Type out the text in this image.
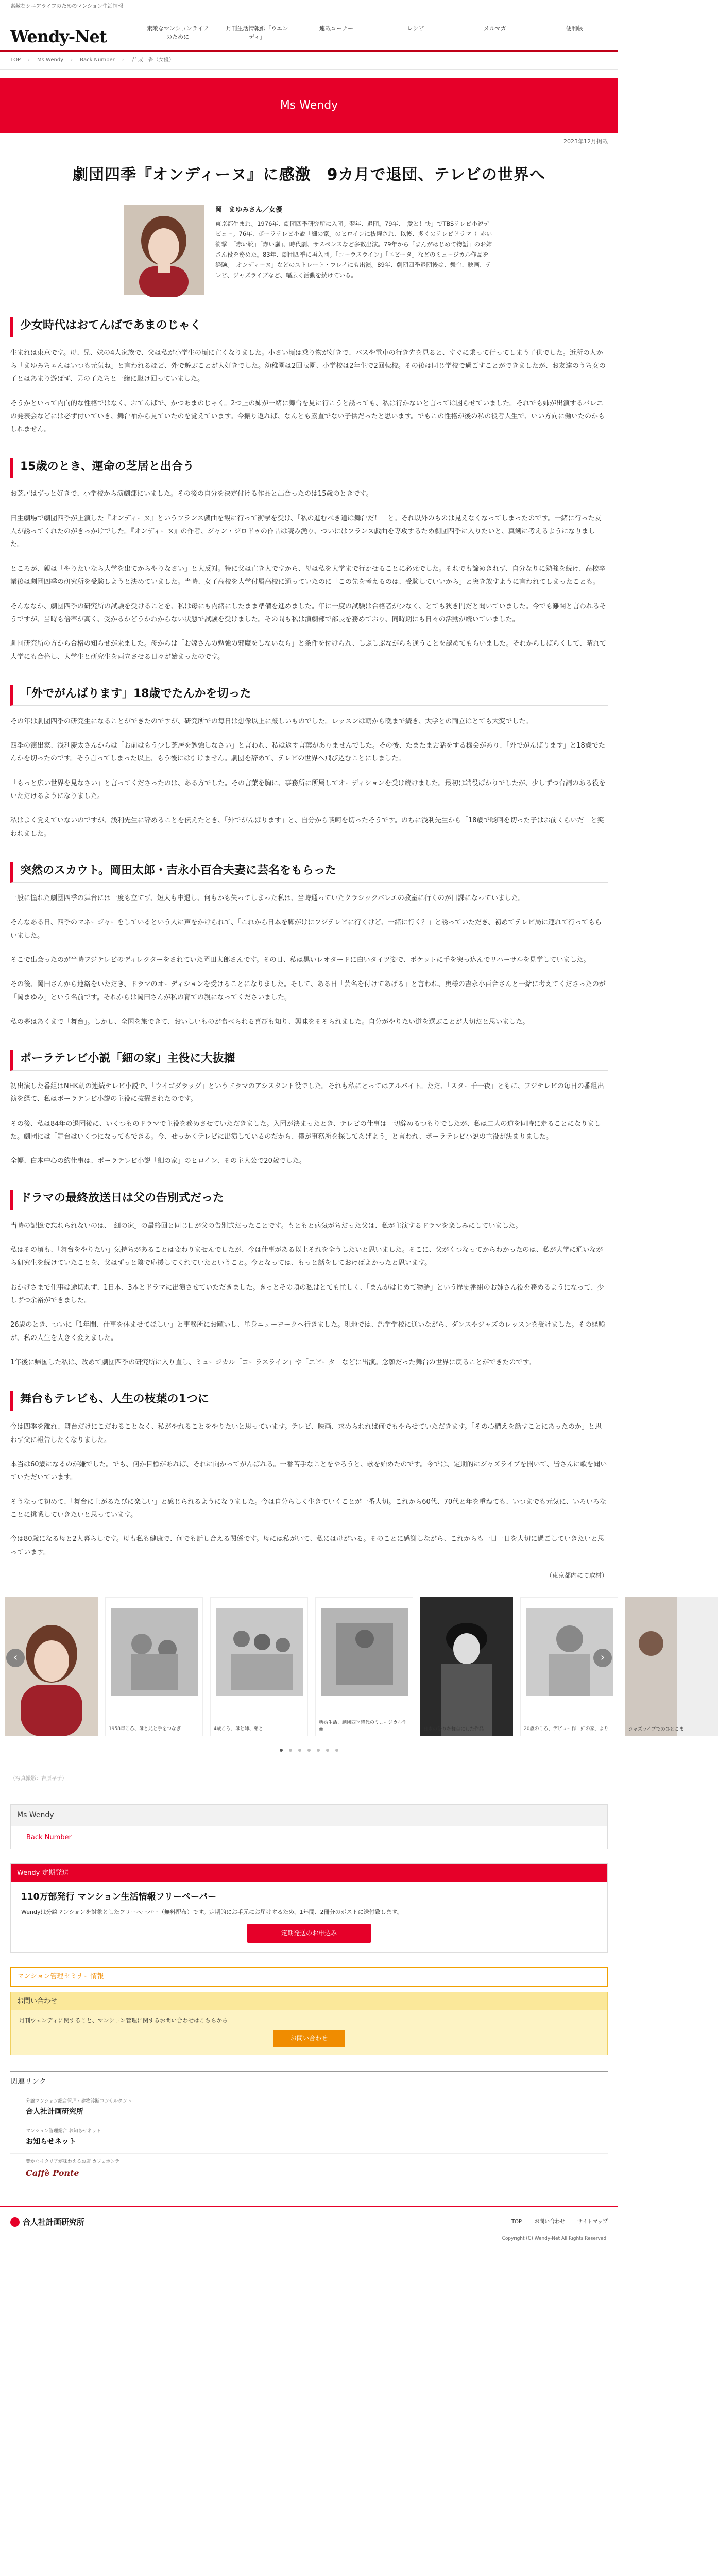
素敵なシニアライフのためのマンション生活情報
Wendy-Net	素敵なマンションライフのために
月刊生活情報紙「ウエンディ」
連載コーナー	レシピ	メルマガ	便利帳
TOP › Ms Wendy › Back Number › 吉 成　香（女優）
Ms Wendy
2023年12月掲載
劇団四季『オンディーヌ』に感激　9カ月で退団、テレビの世界へ
岡　まゆみさん／女優
東京都生まれ。1976年、劇団四季研究所に入団。翌年、退団。79年、「愛と！快」でTBSテレビ小説デビュー。76年、ポーラテレビ小説「細の家」のヒロインに抜擢され、以後、多くのテレビドラマ（「赤い衝撃」「赤い靴」「赤い嵐」、時代劇、サスペンスなど多数出演。79年から「まんがはじめて物語」のお姉さん役を務めた。83年、劇団四季に再入団。「コーラスライン」「エビータ」などのミュージカル作品を経験。「オンディーヌ」などのストレート・プレイにも出演。89年、劇団四季退団後は、舞台、映画、テレビ、ジャズライブなど、幅広く活動を続けている。
少女時代はおてんばであまのじゃく

生まれは東京です。母、兄、妹の4人家族で、父は私が小学生の頃に亡くなりました。小さい頃は乗り物が好きで、バスや電車の行き先を見ると、すぐに乗って行ってしまう子供でした。近所の人から「まゆみちゃんはいつも元気ね」と言われるほど、外で遊ぶことが大好きでした。幼稚園は2回転園、小学校は2年生で2回転校。その後は同じ学校で過ごすことができましたが、お友達のうち女の子とはあまり遊ばず、男の子たちと一緒に駆け回っていました。

そうかといって内向的な性格ではなく、おてんばで、かつあまのじゃく。2つ上の姉が一緒に舞台を見に行こうと誘っても、私は行かないと言っては困らせていました。それでも姉が出演するバレエの発表会などには必ず付いていき、舞台袖から見ていたのを覚えています。今振り返れば、なんとも素直でない子供だったと思います。でもこの性格が後の私の役者人生で、いい方向に働いたのかもしれません。

15歳のとき、運命の芝居と出合う

お芝居はずっと好きで、小学校から演劇部にいました。その後の自分を決定付ける作品と出合ったのは15歳のときです。

日生劇場で劇団四季が上演した『オンディーヌ』というフランス戯曲を観に行って衝撃を受け、「私の進むべき道は舞台だ！」と。それ以外のものは見えなくなってしまったのです。一緒に行った友人が誘ってくれたのがきっかけでした。『オンディーヌ』の作者、ジャン・ジロドゥの作品は読み漁り、ついにはフランス戯曲を専攻するため劇団四季に入りたいと、真剣に考えるようになりました。

ところが、親は「やりたいなら大学を出てからやりなさい」と大反対。特に父は亡き人ですから、母は私を大学まで行かせることに必死でした。それでも諦めきれず、自分なりに勉強を続け、高校卒業後は劇団四季の研究所を受験しようと決めていました。当時、女子高校を大学付属高校に通っていたのに「この先を考えるのは、受験していいから」と突き放すように言われてしまったことも。

そんななか、劇団四季の研究所の試験を受けることを、私は母にも内緒にしたまま準備を進めました。年に一度の試験は合格者が少なく、とても狭き門だと聞いていました。今でも難関と言われるそうですが、当時も倍率が高く、受かるかどうかわからない状態で試験を受けました。その間も私は演劇部で部長を務めており、同時期にも日々の活動が続いていました。

劇団研究所の方から合格の知らせが来ました。母からは「お嫁さんの勉強の邪魔をしないなら」と条件を付けられ、しぶしぶながらも通うことを認めてもらいました。それからしばらくして、晴れて大学にも合格し、大学生と研究生を両立させる日々が始まったのです。

「外でがんばります」18歳でたんかを切った

その年は劇団四季の研究生になることができたのですが、研究所での毎日は想像以上に厳しいものでした。レッスンは朝から晩まで続き、大学との両立はとても大変でした。

四季の演出家、浅利慶太さんからは「お前はもう少し芝居を勉強しなさい」と言われ、私は返す言葉がありませんでした。その後、たまたまお話をする機会があり、「外でがんばります」と18歳でたんかを切ったのです。そう言ってしまった以上、もう後には引けません。劇団を辞めて、テレビの世界へ飛び込むことにしました。

「もっと広い世界を見なさい」と言ってくださったのは、ある方でした。その言葉を胸に、事務所に所属してオーディションを受け続けました。最初は端役ばかりでしたが、少しずつ台詞のある役をいただけるようになりました。

私はよく覚えていないのですが、浅利先生に辞めることを伝えたとき、「外でがんばります」と、自分から啖呵を切ったそうです。のちに浅利先生から「18歳で啖呵を切った子はお前くらいだ」と笑われました。

突然のスカウト。岡田太郎・吉永小百合夫妻に芸名をもらった

一般に憧れた劇団四季の舞台には一度も立てず、短大も中退し、何もかも失ってしまった私は、当時通っていたクラシックバレエの教室に行くのが日課になっていました。

そんなある日、四季のマネージャーをしているという人に声をかけられて、「これから日本を脚がけにフジテレビに行くけど、一緒に行く？」と誘っていただき、初めてテレビ局に連れて行ってもらいました。

そこで出会ったのが当時フジテレビのディレクターをされていた岡田太郎さんです。その日、私は黒いレオタードに白いタイツ姿で、ポケットに手を突っ込んでリハーサルを見学していました。

その後、岡田さんから連絡をいただき、ドラマのオーディションを受けることになりました。そして、ある日「芸名を付けてあげる」と言われ、奥様の吉永小百合さんと一緒に考えてくださったのが「岡まゆみ」という名前です。それからは岡田さんが私の育ての親になってくださいました。

私の夢はあくまで「舞台」。しかし、全国を旅できて、おいしいものが食べられる喜びも知り、興味をそそられました。自分がやりたい道を選ぶことが大切だと思いました。

ポーラテレビ小説「細の家」主役に大抜擢

初出演した番組はNHK朝の連続テレビ小説で、「ウイゴダラッグ」というドラマのアシスタント役でした。それも私にとってはアルバイト。ただ、「スター千一夜」ともに、フジテレビの毎日の番組出演を経て、私はポーラテレビ小説の主役に抜擢されたのです。

その後、私は84年の退団後に、いくつものドラマで主役を務めさせていただきました。入団が決まったとき、テレビの仕事は一切辞めるつもりでしたが、私は二人の道を同時に走ることになりました。劇団には「舞台はいくつになってもできる。今、せっかくテレビに出演しているのだから、僕が事務所を探してあげよう」と言われ、ポーラテレビ小説の主役が決まりました。

全幅、白本中心の約仕事は、ポーラテレビ小説「細の家」のヒロイン、その主人公で20歳でした。

ドラマの最終放送日は父の告別式だった

当時の記憶で忘れられないのは、「細の家」の最終回と同じ日が父の告別式だったことです。もともと病気がちだった父は、私が主演するドラマを楽しみにしていました。

私はその頃も、「舞台をやりたい」気持ちがあることは変わりませんでしたが、今は仕事がある以上それを全うしたいと思いました。そこに、父がくつなってからわかったのは、私が大学に通いながら研究生を続けていたことを、父はずっと陰で応援してくれていたということ。今となっては、もっと話をしておけばよかったと思います。

おかげさまで仕事は途切れず、1日本、3本とドラマに出演させていただきました。きっとその頃の私はとても忙しく、「まんがはじめて物語」という歴史番組のお姉さん役を務めるようになって、少しずつ余裕ができました。

26歳のとき、ついに「1年間、仕事を休ませてほしい」と事務所にお願いし、単身ニューヨークへ行きました。現地では、語学学校に通いながら、ダンスやジャズのレッスンを受けました。その経験が、私の人生を大きく変えました。

1年後に帰国した私は、改めて劇団四季の研究所に入り直し、ミュージカル「コーラスライン」や「エビータ」などに出演。念願だった舞台の世界に戻ることができたのです。

舞台もテレビも、人生の枝葉の1つに

今は四季を離れ、舞台だけにこだわることなく、私がやれることをやりたいと思っています。テレビ、映画、求められれば何でもやらせていただきます。「その心構えを話すことにあったのか」と思わず父に報告したくなりました。

本当は60歳になるのが嫌でした。でも、何か目標があれば、それに向かってがんばれる。一番苦手なことをやろうと、歌を始めたのです。今では、定期的にジャズライブを開いて、皆さんに歌を聞いていただいています。

そうなって初めて、「舞台に上がるたびに楽しい」と感じられるようになりました。今は自分らしく生きていくことが一番大切。これから60代、70代と年を重ねても、いつまでも元気に、いろいろなことに挑戦していきたいと思っています。

今は80歳になる母と2人暮らしです。母も私も健康で、何でも話し合える関係です。母には私がいて、私には母がいる。そのことに感謝しながら、これからも一日一日を大切に過ごしていきたいと思っています。

（東京都内にて取材）
1958年ころ、母と兄と手をつなぎ	4歳ころ、母と姉、弟と
新婚生活、劇団四季時代のミュージカル作品	日本の祭りを舞台にした作品	20歳のころ、デビュー作「細の家」より	ジャズライブでのひとこま
‹	›
（写真撮影：吉原孝子）
Ms Wendy
Back Number
Wendy 定期発送
110万部発行 マンション生活情報フリーペーパー
Wendyは分譲マンションを対象としたフリーペーパー（無料配布）です。定期的にお手元にお届けするため、1年間、2冊分のポストに送付致します。
定期発送のお申込み
マンション管理セミナー情報
お問い合わせ
月刊ウェンディに関すること、マンション管理に関するお問い合わせはこちらから
お問い合わせ
関連リンク
分譲マンション総合管理・建物診断コンサルタント
合人社計画研究所
マンション管理総合 お知らせネット
お知らせネット
豊かなイタリアが味わえるお店 カフェポンテ
Caffè Ponte
合人社計画研究所	TOP お問い合わせ サイトマップ
Copyright (C) Wendy-Net All Rights Reserved.
